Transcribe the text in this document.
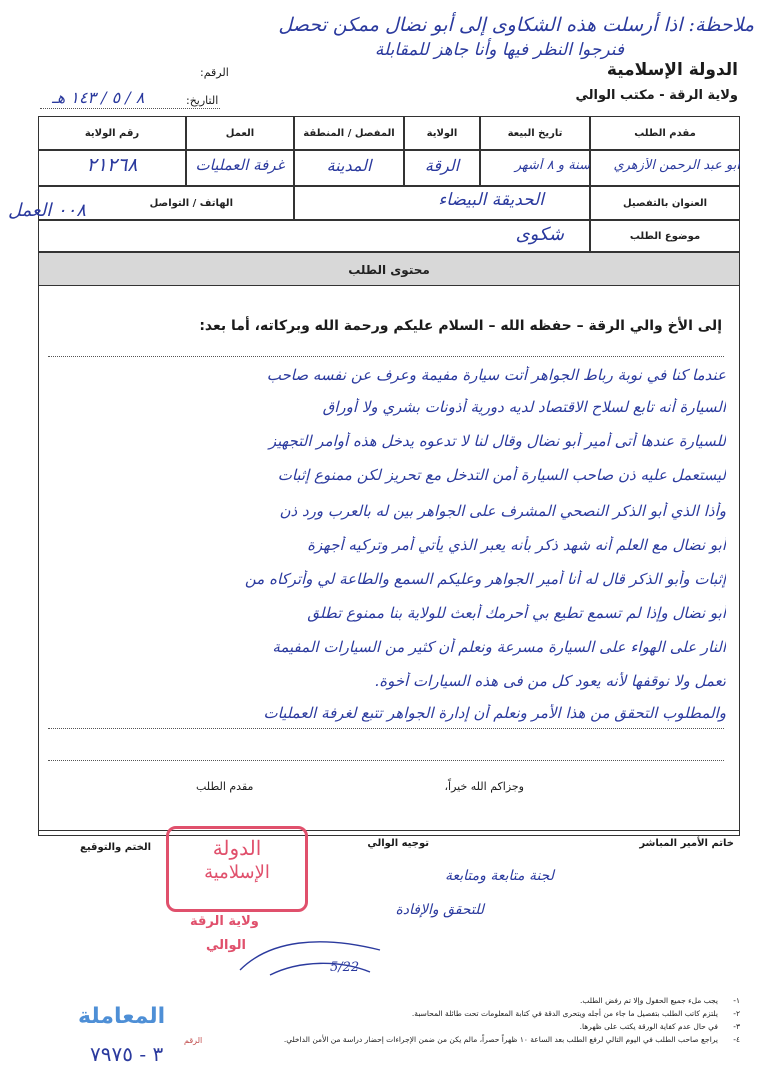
ملاحظة: اذا أرسلت هذه الشكاوى إلى أبو نضال ممكن تحصل
فنرجوا النظر فيها وأنا جاهز للمقابلة
الدولة الإسلامية
ولاية الرقة - مكتب الوالي
الرقم:
التاريخ:
٨ / ٥ / ١٤٣ هـ
مقدم الطلب
تاريخ البيعة
الولاية
المفصل / المنطقة
العمل
رقم الولاية
أبو عبد الرحمن الأزهري
سنة و ٨ أشهر
الرقة
المدينة
غرفة العمليات
٢١٢٦٨
العنوان بالتفصيل
الهاتف / التواصل	الحديقة البيضاء
٠٠٨ العمل
موضوع الطلب
شكوى
محتوى الطلب
إلى الأخ والي الرقة – حفظه الله – السلام عليكم ورحمة الله وبركاته، أما بعد:
عندما كنا في نوبة رباط الجواهر أتت سيارة مفيمة وعرف عن نفسه صاحب
السيارة أنه تابع لسلاح الاقتصاد لديه دورية أذونات بشري ولا أوراق
للسيارة عندها أتى أمير أبو نضال وقال لنا لا تدعوه يدخل هذه أوامر التجهيز
ليستعمل عليه ذن صاحب السيارة أمن التدخل مع تحريز لكن ممنوع إثبات
وأذا الذي أبو الذكر النصحي المشرف على الجواهر بين له بالعرب ورد ذن
أبو نضال مع العلم أنه شهد ذكر بأنه يعبر الذي يأتي أمر وتركيه أجهزة
إثبات وأبو الذكر قال له أنا أمير الجواهر وعليكم السمع والطاعة لي وأتركاه من
أبو نضال وإذا لم تسمع تطيع بي أحرمك أبعث للولاية بنا ممنوع تطلق
النار على الهواء على السيارة مسرعة ونعلم أن كثير من السيارات المفيمة
تعمل ولا نوقفها لأنه يعود كل من فى هذه السيارات أخوة.
والمطلوب التحقق من هذا الأمر ونعلم أن إدارة الجواهر تتبع لغرفة العمليات
وجزاكم الله خيراً،
مقدم الطلب
خاتم الأمير المباشر
توجيه الوالي
الختم والتوقيع
لجنة متابعة ومتابعة
للتحقق والإفادة
الدولة
الإسلامية
ولاية الرقة
الوالي
5/22
١-يجب ملء جميع الحقول وإلا تم رفض الطلب.
٢-يلتزم كاتب الطلب بتفصيل ما جاء من أجله ويتحرى الدقة في كتابة المعلومات تحت طائلة المحاسبة.
٣-في حال عدم كفاية الورقة يكتب على ظهرها.
٤-يراجع صاحب الطلب في اليوم التالي لرفع الطلب بعد الساعة ١٠ ظهراً حصراً، مالم يكن من ضمن الإجراءات إحضار دراسة من الأمن الداخلي.
المعاملة
الرقم
٣ - ٧٩٧٥
